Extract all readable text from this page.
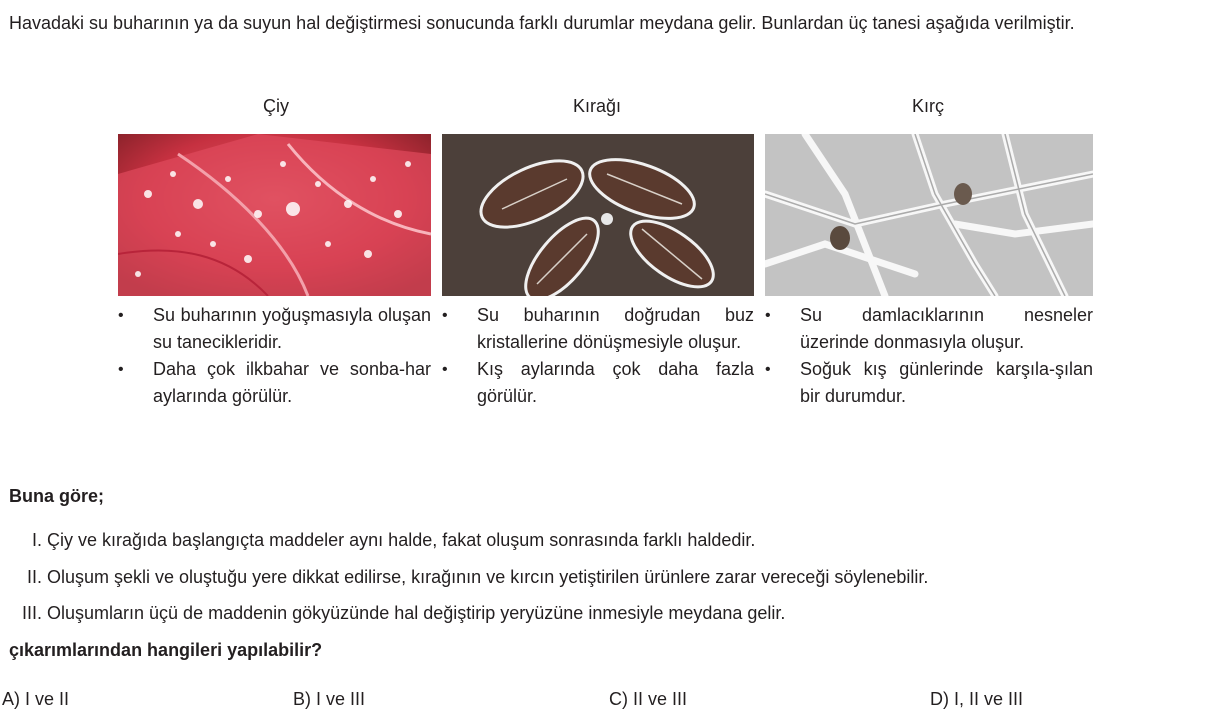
Havadaki su buharının ya da suyun hal değiştirmesi sonucunda farklı durumlar meydana gelir. Bunlardan üç tanesi aşağıda verilmiştir.

Çiy
• Su buharının yoğuşmasıyla oluşan su tanecikleridir.
• Daha çok ilkbahar ve sonba-har aylarında görülür.
Kırağı
• Su buharının doğrudan buz kristallerine dönüşmesiyle oluşur.
• Kış aylarında çok daha fazla görülür.
Kırç
• Su damlacıklarının nesneler üzerinde donmasıyla oluşur.
• Soğuk kış günlerinde karşıla-şılan bir durumdur.
Buna göre;
I. Çiy ve kırağıda başlangıçta maddeler aynı halde, fakat oluşum sonrasında farklı haldedir.
II. Oluşum şekli ve oluştuğu yere dikkat edilirse, kırağının ve kırcın yetiştirilen ürünlere zarar vereceği söylenebilir.
III. Oluşumların üçü de maddenin gökyüzünde hal değiştirip yeryüzüne inmesiyle meydana gelir.
çıkarımlarından hangileri yapılabilir?
A) I ve II	B) I ve III	C) II ve III	D) I, II ve III
